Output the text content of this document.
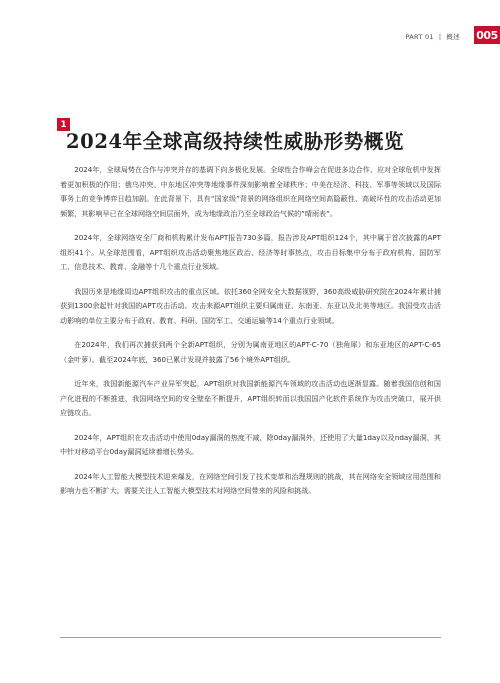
PART 01 | 概述 005
1
2024年全球高级持续性威胁形势概览

2024年，全球局势在合作与冲突并存的基调下向多极化发展。全球性合作峰会在促进多边合作、应对全球危机中发挥着更加积极的作用；俄乌冲突、中东地区冲突等地缘事件深刻影响着全球秩序；中美在经济、科技、军事等领域以及国际事务上的竞争博弈日趋加剧。在此背景下，具有“国家级”背景的网络组织在网络空间高隐蔽性、高破坏性的攻击活动更加频繁，其影响早已在全球网络空间层面外，成为地缘政治乃至全球政治气候的“晴雨表”。

2024年，全球网络安全厂商和机构累计发布APT报告730多篇，报告涉及APT组织124个，其中属于首次披露的APT组织41个。从全球范围看，APT组织攻击活动聚焦地区政治、经济等时事热点，攻击目标集中分布于政府机构、国防军工、信息技术、教育、金融等十几个重点行业领域。

我国历来是地缘周边APT组织攻击的重点区域。依托360全网安全大数据视野，360高级威胁研究院在2024年累计捕获到1300余起针对我国的APT攻击活动。攻击来源APT组织主要归属南亚、东南亚、东亚以及北美等地区。我国受攻击活动影响的单位主要分布于政府、教育、科研、国防军工、交通运输等14个重点行业领域。

在2024年，我们再次捕获到两个全新APT组织，分别为属南亚地区的APT-C-70（独角犀）和东亚地区的APT-C-65（金叶萝）。截至2024年底，360已累计发现并披露了56个境外APT组织。

近年来，我国新能源汽车产业异军突起，APT组织对我国新能源汽车领域的攻击活动也逐渐显露。随着我国信创和国产化进程的不断推进，我国网络空间的安全壁垒不断提升，APT组织转而以我国国产化软件系统作为攻击突破口，展开供应链攻击。

2024年，APT组织在攻击活动中使用0day漏洞的热度不减，除0day漏洞外，还使用了大量1day以及nday漏洞，其中针对移动平台0day漏洞延续着增长势头。

2024年人工智能大模型技术迎来爆发，在网络空间引发了技术变革和治理规则的挑战，其在网络安全领域应用范围和影响力也不断扩大。需要关注人工智能大模型技术对网络空间带来的风险和挑战。
